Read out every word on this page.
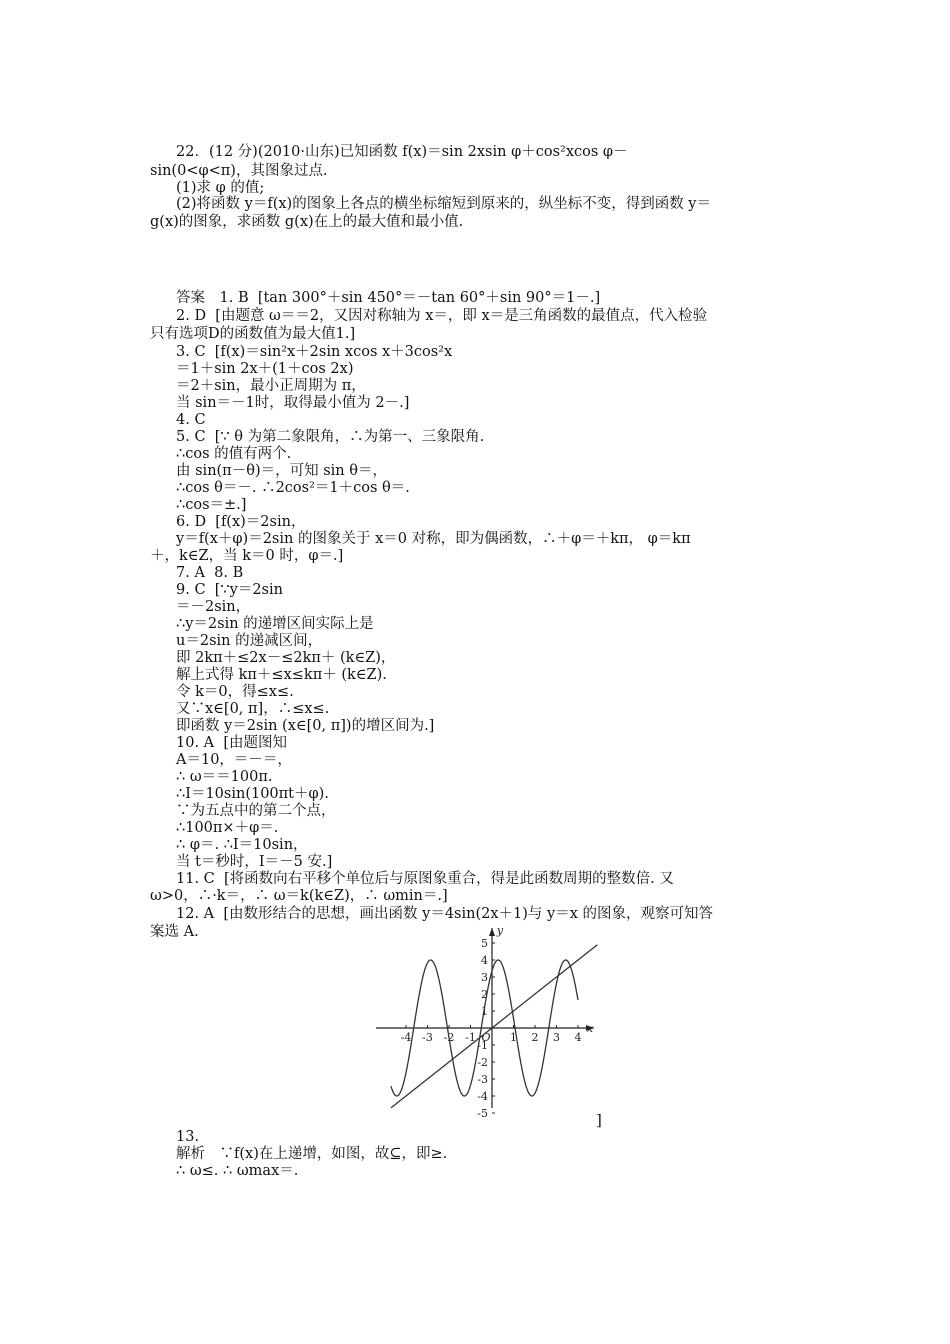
22．(12 分)(2010·山东)已知函数 f(x)＝sin 2xsin φ＋cos²xcos φ－
sin(0<φ<π)，其图象过点.
(1)求 φ 的值;
(2)将函数 y＝f(x)的图象上各点的横坐标缩短到原来的，纵坐标不变，得到函数 y＝
g(x)的图象，求函数 g(x)在上的最大值和最小值.
答案　1. B  [tan 300°＋sin 450°＝－tan 60°＋sin 90°＝1－.]
2. D  [由题意 ω＝＝2，又因对称轴为 x＝，即 x＝是三角函数的最值点，代入检验
只有选项D的函数值为最大值1.]
3. C  [f(x)＝sin²x＋2sin xcos x＋3cos²x
＝1＋sin 2x＋(1＋cos 2x)
＝2＋sin，最小正周期为 π，
当 sin＝－1时，取得最小值为 2－.]
4. C
5. C  [∵ θ 为第二象限角，∴为第一、三象限角.
∴cos 的值有两个.
由 sin(π－θ)＝，可知 sin θ＝，
∴cos θ＝－. ∴2cos²＝1＋cos θ＝.
∴cos＝±.]
6. D  [f(x)＝2sin，
y＝f(x＋φ)＝2sin 的图象关于 x＝0 对称，即为偶函数，∴＋φ＝＋kπ， φ＝kπ
＋，k∈Z，当 k＝0 时，φ＝.]
7. A  8. B
9. C  [∵y＝2sin
＝－2sin，
∴y＝2sin 的递增区间实际上是
u＝2sin 的递减区间，
即 2kπ＋≤2x－≤2kπ＋ (k∈Z)，
解上式得 kπ＋≤x≤kπ＋ (k∈Z).
令 k＝0，得≤x≤.
又∵x∈[0, π]，∴≤x≤.
即函数 y＝2sin (x∈[0, π])的增区间为.]
10. A  [由题图知
A＝10，＝－＝，
∴ ω＝＝100π.
∴I＝10sin(100πt＋φ).
∵为五点中的第二个点，
∴100π×＋φ＝.
∴ φ＝. ∴I＝10sin，
当 t＝秒时，I＝－5 安.]
11. C  [将函数向右平移个单位后与原图象重合，得是此函数周期的整数倍. 又
ω>0，∴·k＝，∴ ω＝k(k∈Z)，∴ ωmin＝.]
12. A  [由数形结合的思想，画出函数 y＝4sin(2x＋1)与 y＝x 的图象，观察可知答
案选 A.
x
y
O
-4 -3 -2 -1	1 2 3 4
5
4
3
2
1
-1
-2
-3
-4
-5	]
13.
解析　∵f(x)在上递增，如图，故⊆，即≥.
∴ ω≤. ∴ ωmax＝.
